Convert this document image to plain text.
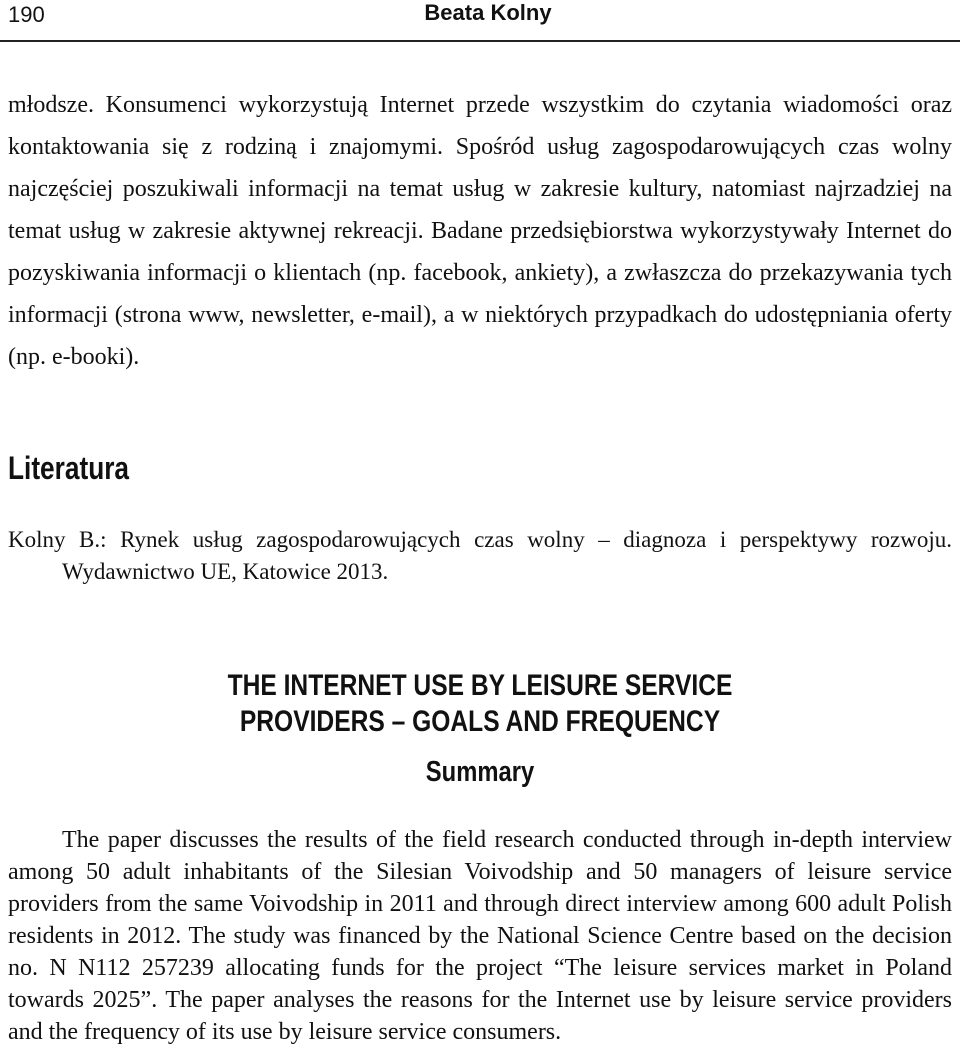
190	Beata Kolny

młodsze. Konsumenci wykorzystują Internet przede wszystkim do czytania wiadomości oraz kontaktowania się z rodziną i znajomymi. Spośród usług zagospodarowujących czas wolny najczęściej poszukiwali informacji na temat usług w zakresie kultury, natomiast najrzadziej na temat usług w zakresie aktywnej rekreacji. Badane przedsiębiorstwa wykorzystywały Internet do pozyskiwania informacji o klientach (np. facebook, ankiety), a zwłaszcza do przekazywania tych informacji (strona www, newsletter, e-mail), a w niektórych przypadkach do udostępniania oferty (np. e-booki).

Literatura

Kolny B.: Rynek usług zagospodarowujących czas wolny – diagnoza i perspektywy rozwoju. Wydawnictwo UE, Katowice 2013.

THE INTERNET USE BY LEISURE SERVICE
PROVIDERS – GOALS AND FREQUENCY
Summary

The paper discusses the results of the field research conducted through in-depth interview among 50 adult inhabitants of the Silesian Voivodship and 50 managers of leisure service providers from the same Voivodship in 2011 and through direct interview among 600 adult Polish residents in 2012. The study was financed by the National Science Centre based on the decision no. N N112 257239 allocating funds for the project “The leisure services market in Poland towards 2025”. The paper analyses the reasons for the Internet use by leisure service providers and the frequency of its use by leisure service consumers.
